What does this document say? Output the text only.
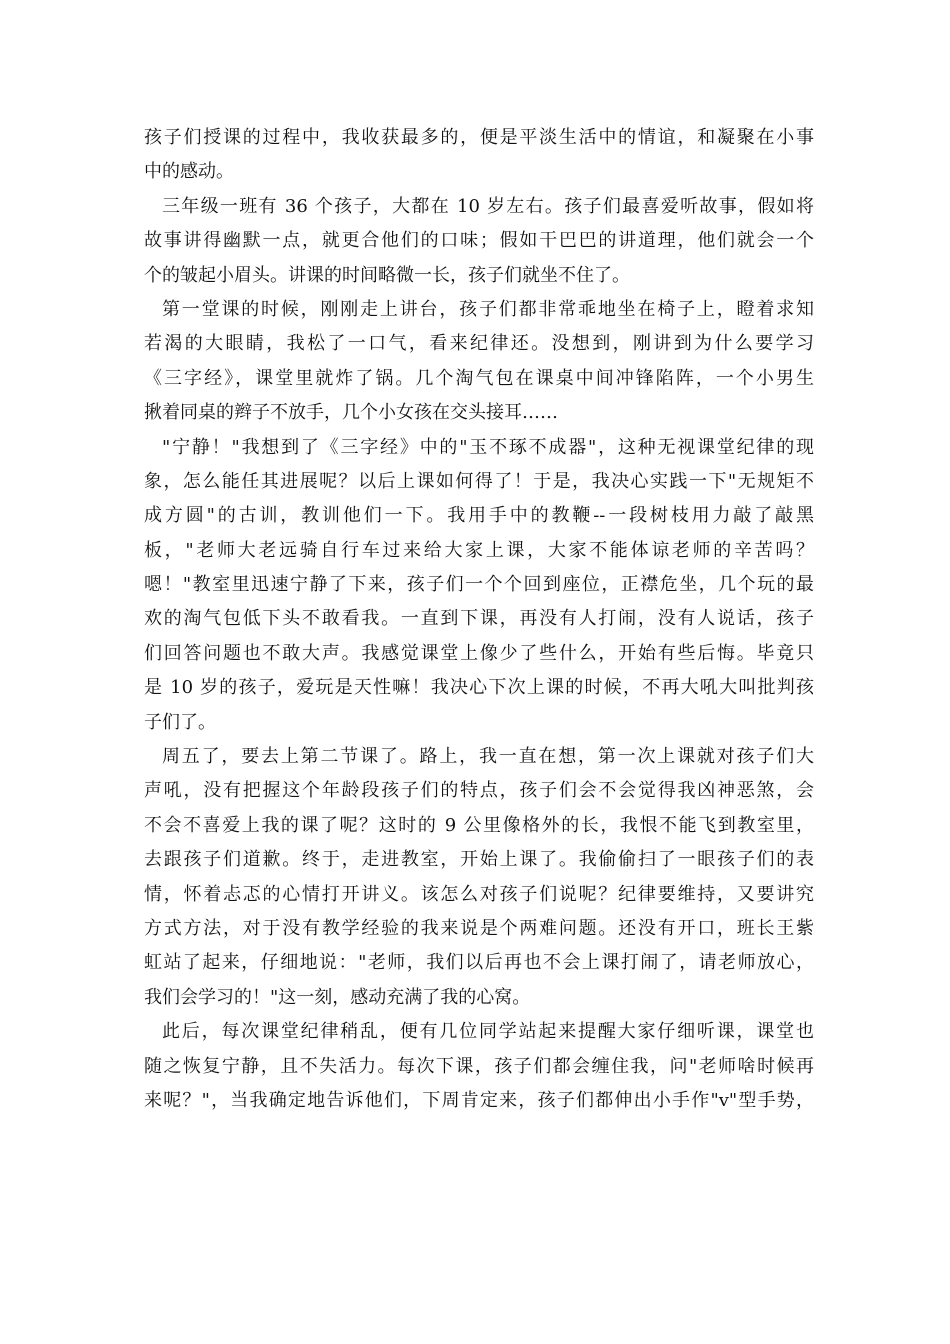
孩子们授课的过程中，我收获最多的，便是平淡生活中的情谊，和凝聚在小事
中的感动。
三年级一班有 36 个孩子，大都在 10 岁左右。孩子们最喜爱听故事，假如将
故事讲得幽默一点，就更合他们的口味；假如干巴巴的讲道理，他们就会一个
个的皱起小眉头。讲课的时间略微一长，孩子们就坐不住了。
第一堂课的时候，刚刚走上讲台，孩子们都非常乖地坐在椅子上，瞪着求知
若渴的大眼睛，我松了一口气，看来纪律还。没想到，刚讲到为什么要学习
《三字经》，课堂里就炸了锅。几个淘气包在课桌中间冲锋陷阵，一个小男生
揪着同桌的辫子不放手，几个小女孩在交头接耳……
"宁静！"我想到了《三字经》中的"玉不琢不成器"，这种无视课堂纪律的现
象，怎么能任其进展呢？以后上课如何得了！于是，我决心实践一下"无规矩不
成方圆"的古训，教训他们一下。我用手中的教鞭--一段树枝用力敲了敲黑
板，"老师大老远骑自行车过来给大家上课，大家不能体谅老师的辛苦吗？
嗯！"教室里迅速宁静了下来，孩子们一个个回到座位，正襟危坐，几个玩的最
欢的淘气包低下头不敢看我。一直到下课，再没有人打闹，没有人说话，孩子
们回答问题也不敢大声。我感觉课堂上像少了些什么，开始有些后悔。毕竟只
是 10 岁的孩子，爱玩是天性嘛！我决心下次上课的时候，不再大吼大叫批判孩
子们了。
周五了，要去上第二节课了。路上，我一直在想，第一次上课就对孩子们大
声吼，没有把握这个年龄段孩子们的特点，孩子们会不会觉得我凶神恶煞，会
不会不喜爱上我的课了呢？这时的 9 公里像格外的长，我恨不能飞到教室里，
去跟孩子们道歉。终于，走进教室，开始上课了。我偷偷扫了一眼孩子们的表
情，怀着忐忑的心情打开讲义。该怎么对孩子们说呢？纪律要维持，又要讲究
方式方法，对于没有教学经验的我来说是个两难问题。还没有开口，班长王紫
虹站了起来，仔细地说："老师，我们以后再也不会上课打闹了，请老师放心，
我们会学习的！"这一刻，感动充满了我的心窝。
此后，每次课堂纪律稍乱，便有几位同学站起来提醒大家仔细听课，课堂也
随之恢复宁静，且不失活力。每次下课，孩子们都会缠住我，问"老师啥时候再
来呢？"，当我确定地告诉他们，下周肯定来，孩子们都伸出小手作"v"型手势，
